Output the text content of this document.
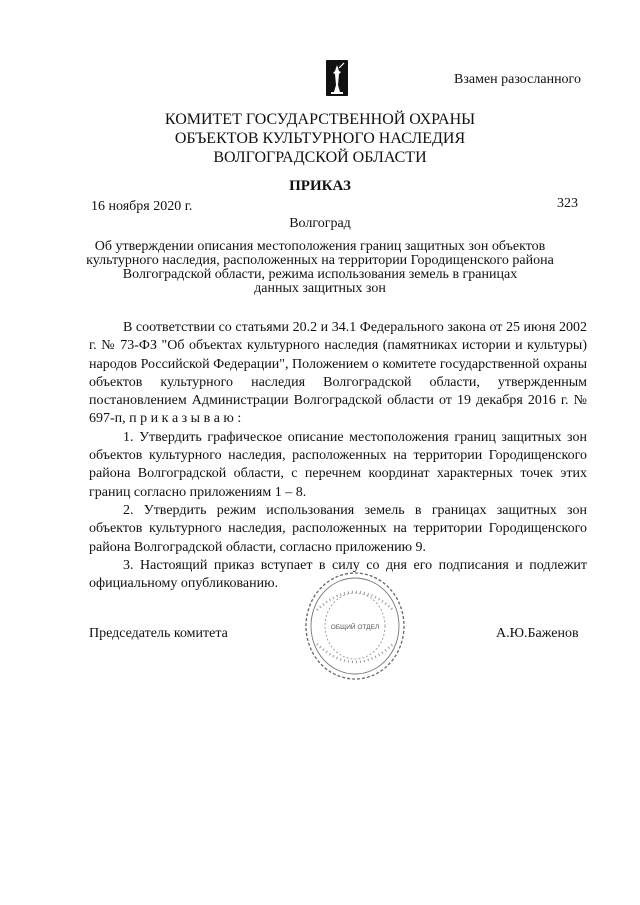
Взамен разосланного
КОМИТЕТ ГОСУДАРСТВЕННОЙ ОХРАНЫ
ОБЪЕКТОВ КУЛЬТУРНОГО НАСЛЕДИЯ
ВОЛГОГРАДСКОЙ ОБЛАСТИ
ПРИКАЗ
16 ноября 2020 г.	323
Волгоград
Об утверждении описания местоположения границ защитных зон объектов
культурного наследия, расположенных на территории Городищенского района
Волгоградской области, режима использования земель в границах
данных защитных зон

В соответствии со статьями 20.2 и 34.1 Федерального закона от 25 июня 2002 г. № 73-ФЗ "Об объектах культурного наследия (памятниках истории и культуры) народов Российской Федерации", Положением о комитете государственной охраны объектов культурного наследия Волгоградской области, утвержденным постановлением Администрации Волгоградской области от 19 декабря 2016 г. № 697-п, п р и к а з ы в а ю :

1. Утвердить графическое описание местоположения границ защитных зон объектов культурного наследия, расположенных на территории Городищенского района Волгоградской области, с перечнем координат характерных точек этих границ согласно приложениям 1 – 8.

2. Утвердить режим использования земель в границах защитных зон объектов культурного наследия, расположенных на территории Городищенского района Волгоградской области, согласно приложению 9.

3. Настоящий приказ вступает в силу со дня его подписания и подлежит официальному опубликованию.

ОБЩИЙ ОТДЕЛ
Председатель комитета	А.Ю.Баженов
